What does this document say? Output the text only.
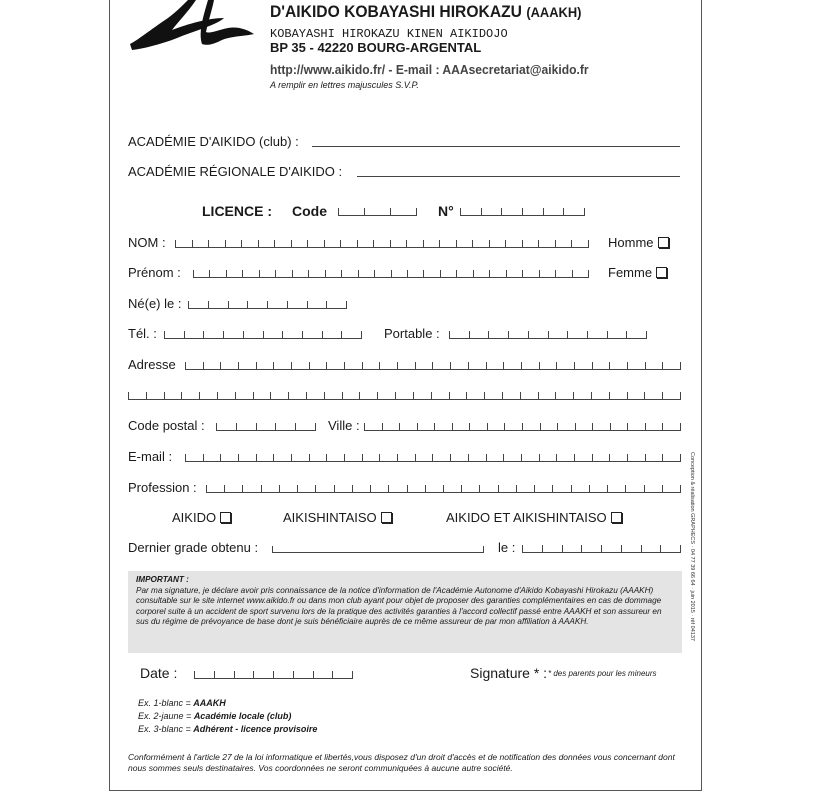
D'AIKIDO KOBAYASHI HIROKAZU (AAAKH)
KOBAYASHI HIROKAZU KINEN AIKIDOJO
BP 35 - 42220 BOURG-ARGENTAL
http://www.aikido.fr/ - E-mail : AAAsecretariat@aikido.fr
A remplir en lettres majuscules S.V.P.
ACADÉMIE D'AIKIDO (club) :
ACADÉMIE RÉGIONALE D'AIKIDO :
LICENCE : Code	N°
NOM :	Homme
Prénom :	Femme
Né(e) le :
Tél. :	Portable :
Adresse
Code postal :	Ville :
E-mail :
Profession :
AIKIDO	AIKISHINTAISO	AIKIDO ET AIKISHINTAISO
Dernier grade obtenu :	le :
IMPORTANT :
Par ma signature, je déclare avoir pris connaissance de la notice d'information de l'Académie Autonome d'Aikido Kobayashi Hirokazu (AAAKH) consultable sur le site internet www.aikido.fr ou dans mon club ayant pour objet de proposer des garanties complémentaires en cas de dommage corporel suite à un accident de sport survenu lors de la pratique des activités garanties à l'accord collectif passé entre AAAKH et son assureur en sus du régime de prévoyance de base dont je suis bénéficiaire auprès de ce même assureur de par mon affiliation à AAAKH.
Date :	Signature * : * des parents pour les mineurs
Ex. 1-blanc = AAAKH
Ex. 2-jaune = Académie locale (club)
Ex. 3-blanc = Adhérent - licence provisoire
Conformément à l'article 27 de la loi informatique et libertés,vous disposez d'un droit d'accès et de notification des données vous concernant dont nous sommes seuls destinataires. Vos coordonnées ne seront communiquées à aucune autre société.
Conception & réalisation GRAPHECS · 04 77 39 66 64 · juin 2015 · réf 04137
